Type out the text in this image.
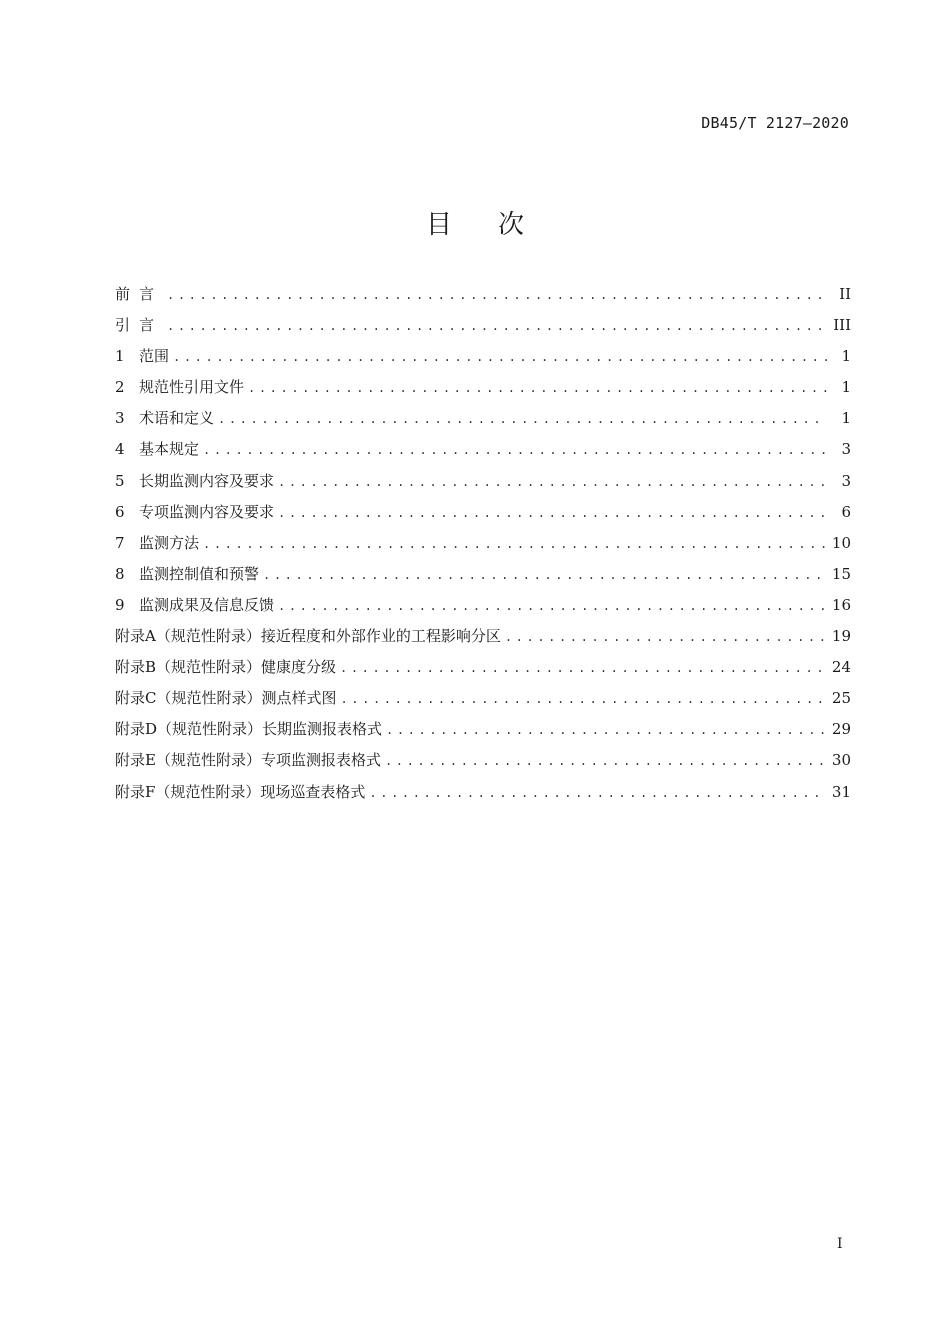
DB45/T 2127—2020
目 次
前言 .....	II
引言 .....	III
1 范围 .....	1
2 规范性引用文件 .....	1
3 术语和定义 .....	1
4 基本规定 .....	3
5 长期监测内容及要求 .....	3
6 专项监测内容及要求 .....	6
7 监测方法 .....	10
8 监测控制值和预警 .....	15
9 监测成果及信息反馈 .....	16
附录A（规范性附录）接近程度和外部作业的工程影响分区 .....	19
附录B（规范性附录）健康度分级 .....	24
附录C（规范性附录）测点样式图 .....	25
附录D（规范性附录）长期监测报表格式 .....	29
附录E（规范性附录）专项监测报表格式 .....	30
附录F（规范性附录）现场巡查表格式 .....	31
I
